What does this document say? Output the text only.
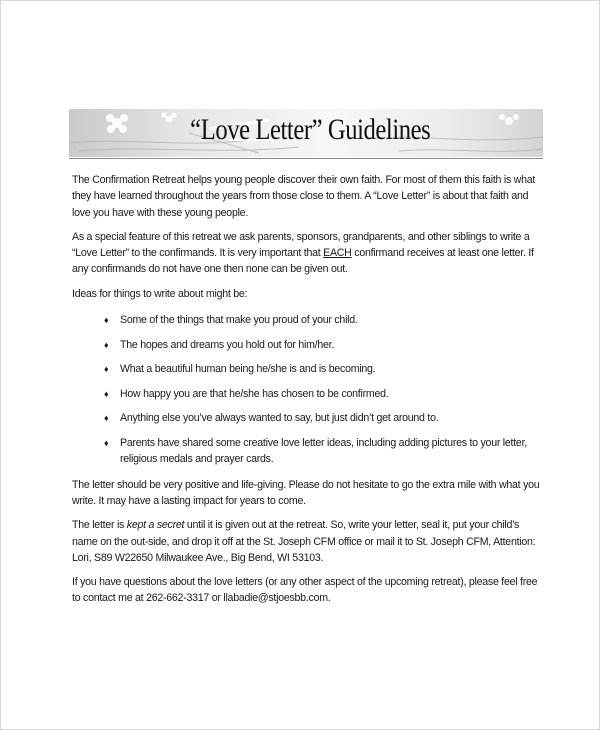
“Love Letter” Guidelines

The Confirmation Retreat helps young people discover their own faith. For most of them this faith is what they have learned throughout the years from those close to them. A “Love Letter” is about that faith and love you have with these young people.

As a special feature of this retreat we ask parents, sponsors, grandparents, and other siblings to write a “Love Letter” to the confirmands. It is very important that EACH confirmand receives at least one letter. If any confirmands do not have one then none can be given out.

Ideas for things to write about might be:

♦ Some of the things that make you proud of your child.
♦ The hopes and dreams you hold out for him/her.
♦ What a beautiful human being he/she is and is becoming.
♦ How happy you are that he/she has chosen to be confirmed.
♦ Anything else you’ve always wanted to say, but just didn’t get around to.
♦ Parents have shared some creative love letter ideas, including adding pictures to your letter, religious medals and prayer cards.

The letter should be very positive and life-giving. Please do not hesitate to go the extra mile with what you write. It may have a lasting impact for years to come.

The letter is kept a secret until it is given out at the retreat. So, write your letter, seal it, put your child’s name on the out-side, and drop it off at the St. Joseph CFM office or mail it to St. Joseph CFM, Attention: Lori, S89 W22650 Milwaukee Ave., Big Bend, WI 53103.

If you have questions about the love letters (or any other aspect of the upcoming retreat), please feel free to contact me at 262-662-3317 or llabadie@stjoesbb.com.
